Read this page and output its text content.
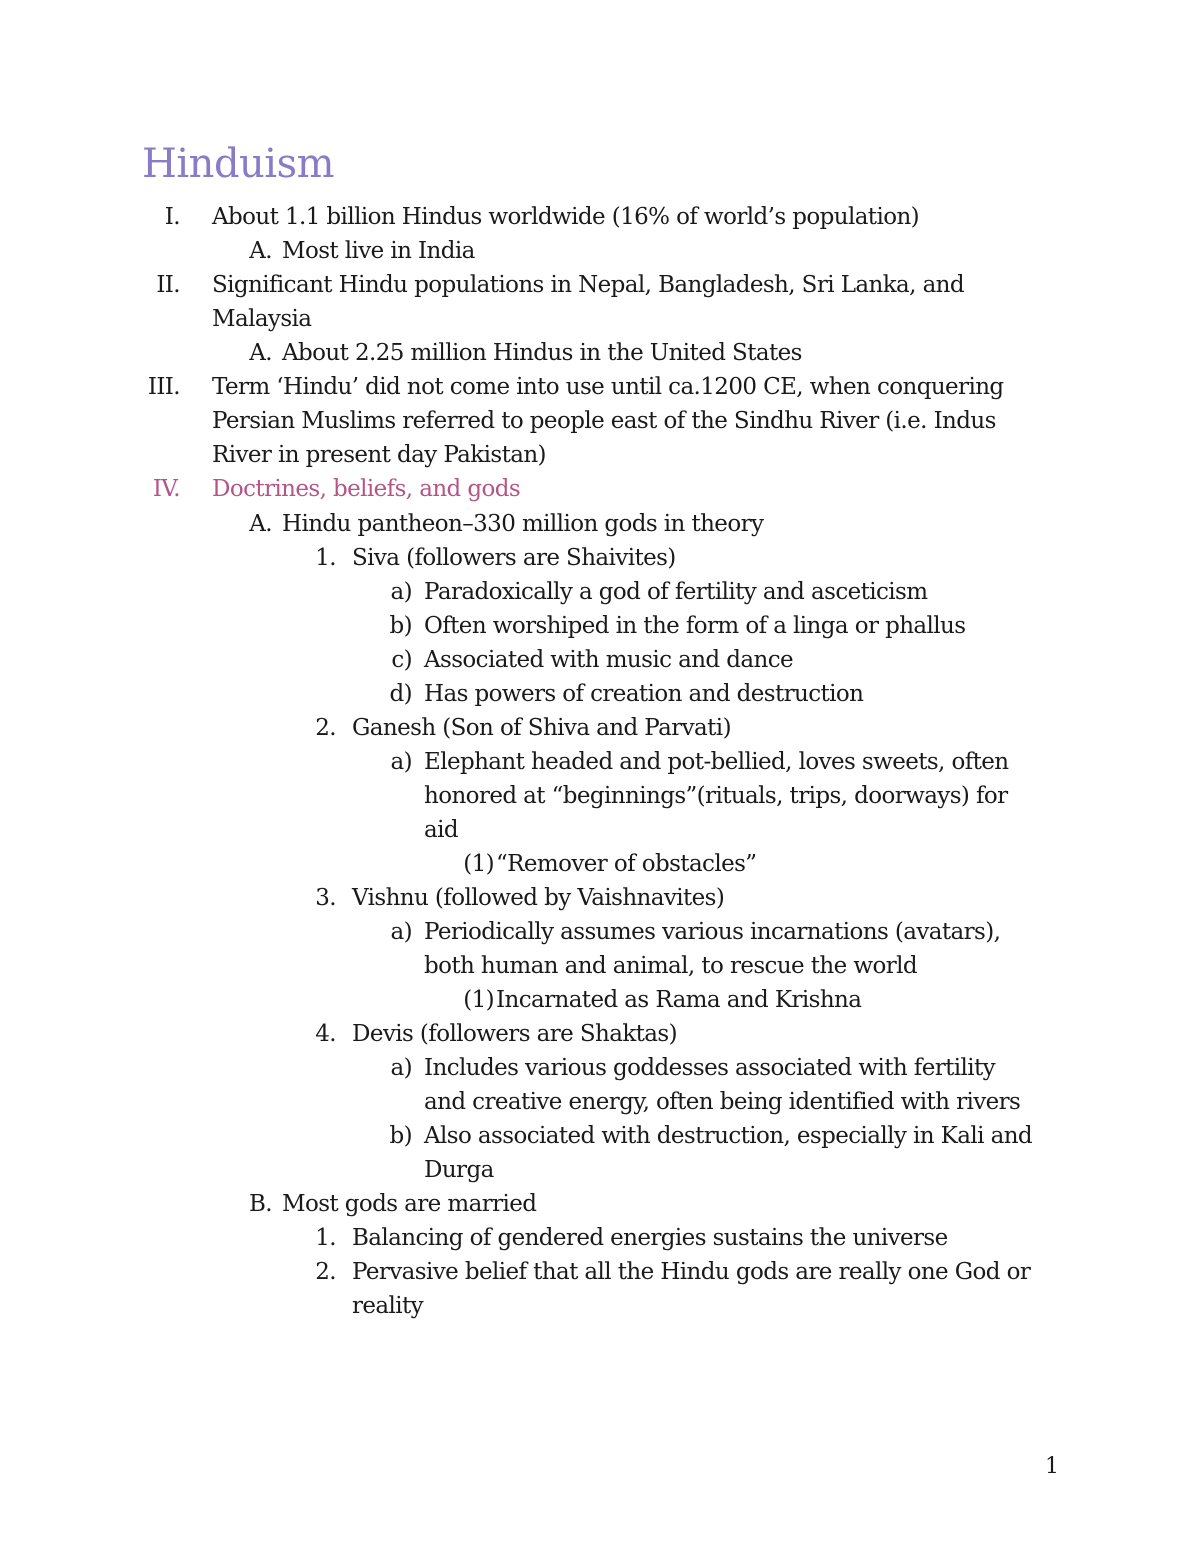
Hinduism
I. About 1.1 billion Hindus worldwide (16% of world’s population)
A. Most live in India
II. Significant Hindu populations in Nepal, Bangladesh, Sri Lanka, and
Malaysia
A. About 2.25 million Hindus in the United States
III. Term ‘Hindu’ did not come into use until ca.1200 CE, when conquering
Persian Muslims referred to people east of the Sindhu River (i.e. Indus
River in present day Pakistan)
IV. Doctrines, beliefs, and gods
A. Hindu pantheon–330 million gods in theory
1. Siva (followers are Shaivites)
a) Paradoxically a god of fertility and asceticism
b) Often worshiped in the form of a linga or phallus
c) Associated with music and dance
d) Has powers of creation and destruction
2. Ganesh (Son of Shiva and Parvati)
a) Elephant headed and pot-bellied, loves sweets, often
honored at “beginnings”(rituals, trips, doorways) for
aid
(1) “Remover of obstacles”
3. Vishnu (followed by Vaishnavites)
a) Periodically assumes various incarnations (avatars),
both human and animal, to rescue the world
(1) Incarnated as Rama and Krishna
4. Devis (followers are Shaktas)
a) Includes various goddesses associated with fertility
and creative energy, often being identified with rivers
b) Also associated with destruction, especially in Kali and
Durga
B. Most gods are married
1. Balancing of gendered energies sustains the universe
2. Pervasive belief that all the Hindu gods are really one God or
reality
1
